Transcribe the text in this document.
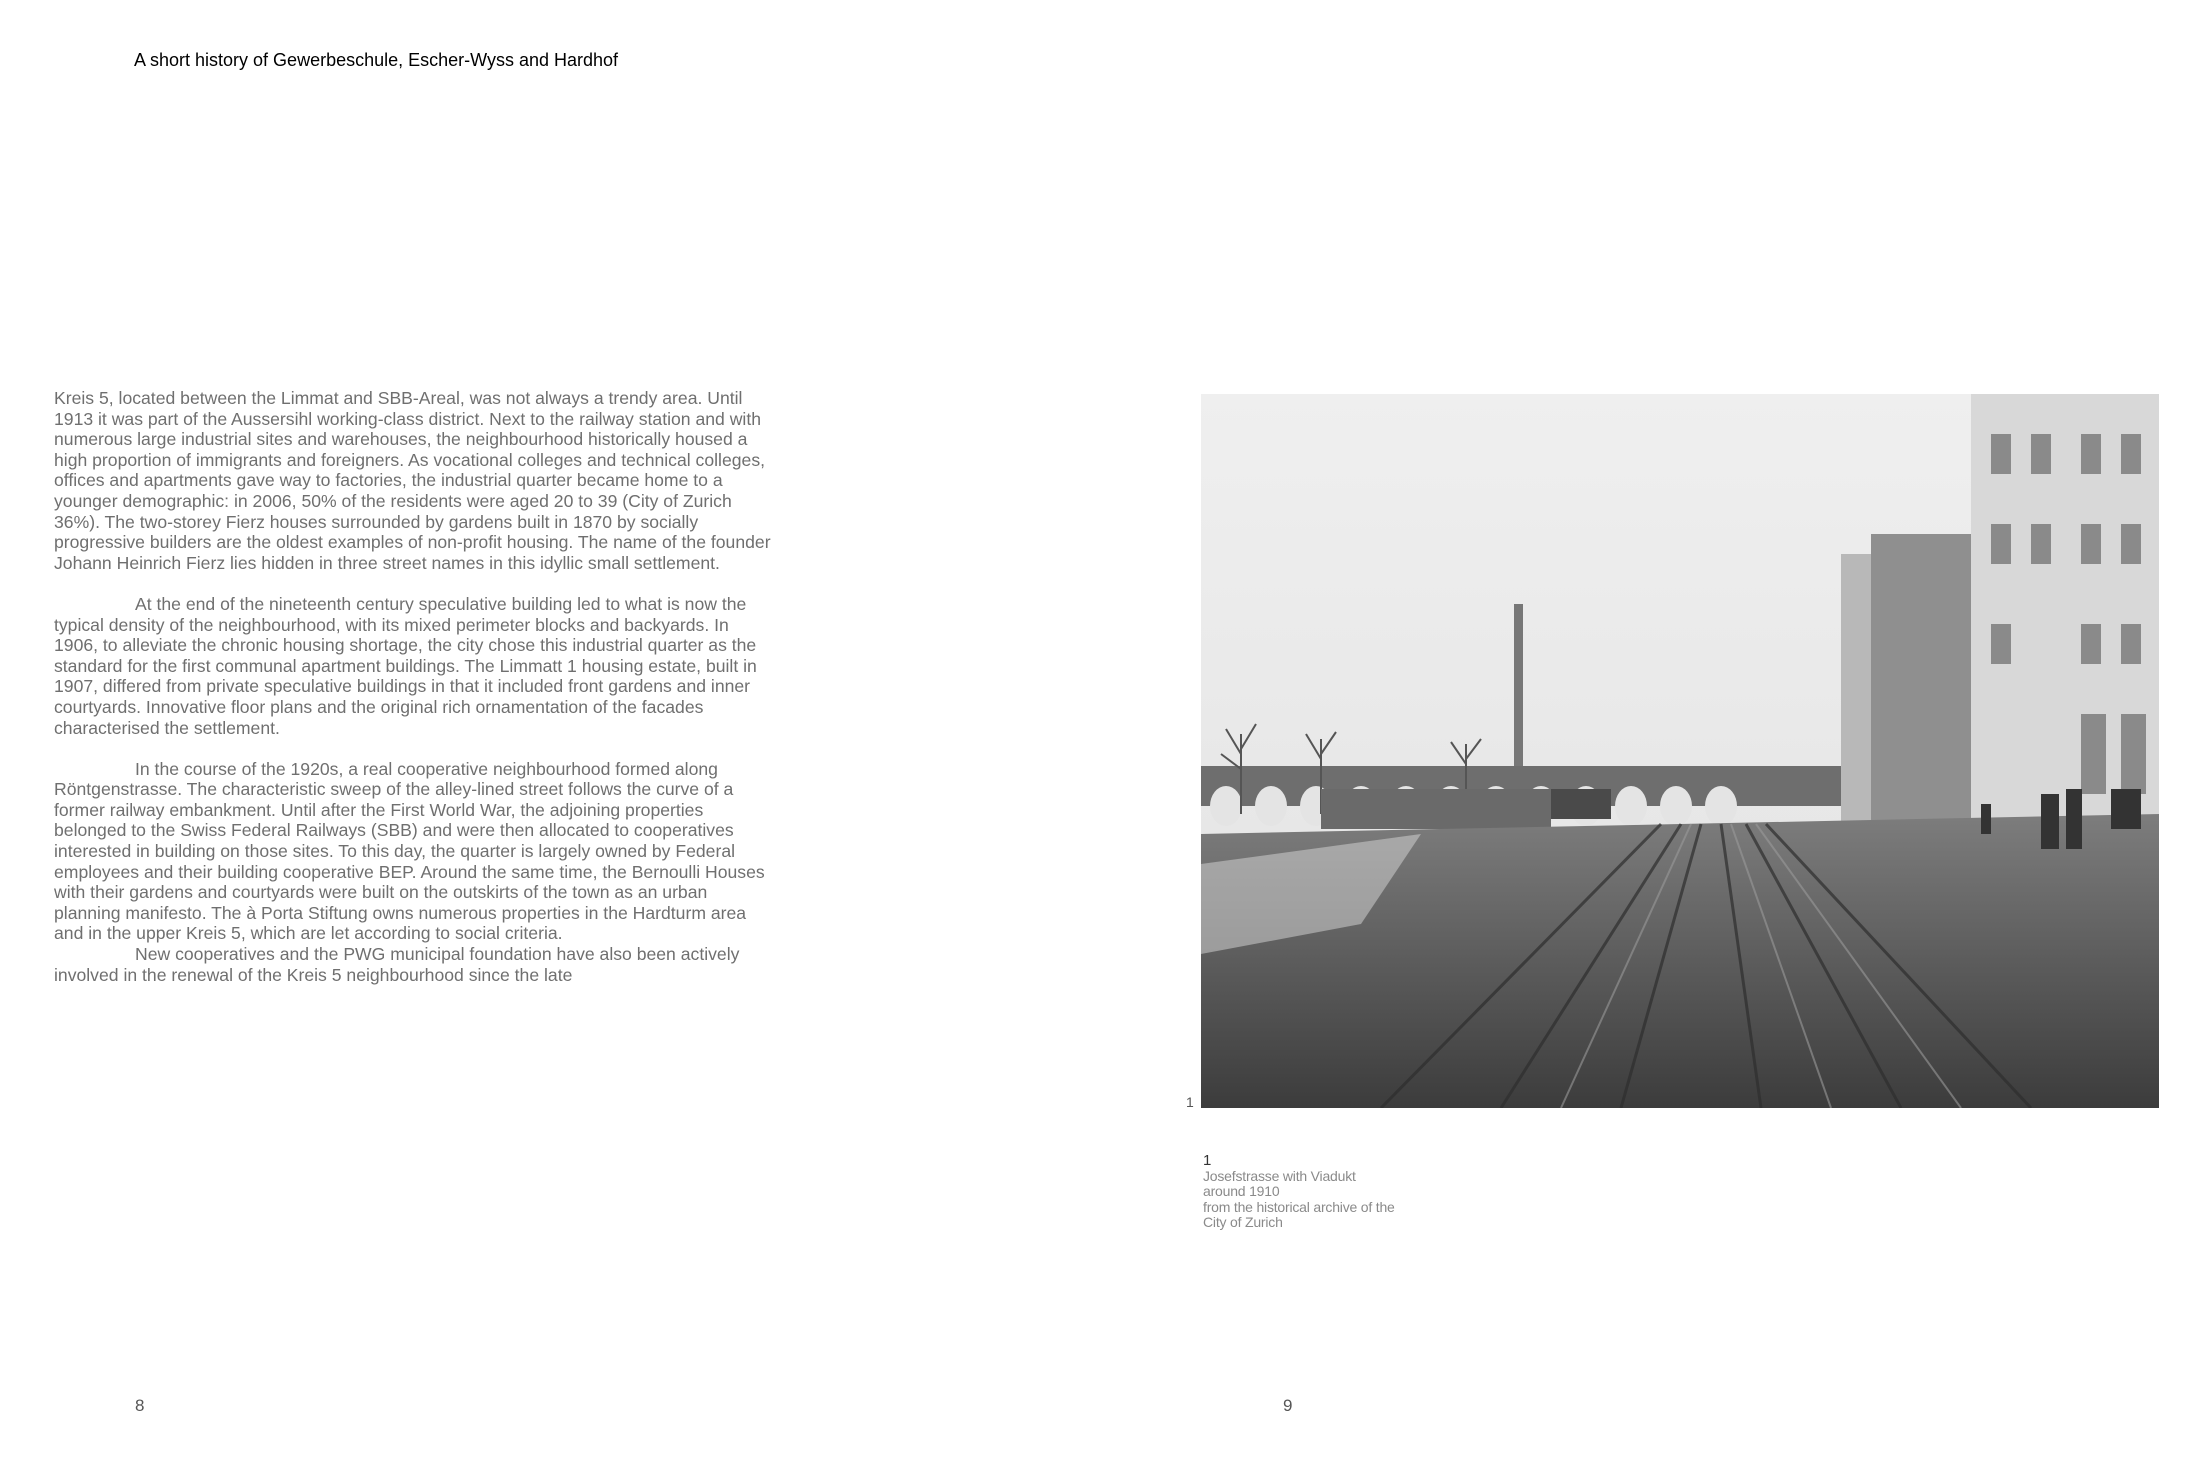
A short history of Gewerbeschule, Escher-Wyss and Hardhof

Kreis 5, located between the Limmat and SBB-Areal, was not always a trendy area. Until 1913 it was part of the Aussersihl working-class district. Next to the railway station and with numerous large industrial sites and warehouses, the neighbourhood historically housed a high proportion of immigrants and foreigners. As vocational colleges and technical colleges, offices and apartments gave way to factories, the industrial quarter became home to a younger demographic: in 2006, 50% of the residents were aged 20 to 39 (City of Zurich 36%). The two-storey Fierz houses surrounded by gardens built in 1870 by socially progressive builders are the oldest examples of non-profit housing. The name of the founder Johann Heinrich Fierz lies hidden in three street names in this idyllic small settlement.

At the end of the nineteenth century speculative building led to what is now the typical density of the neighbourhood, with its mixed perimeter blocks and backyards. In 1906, to alleviate the chronic housing shortage, the city chose this industrial quarter as the standard for the first communal apartment buildings. The Limmatt 1 housing estate, built in 1907, differed from private speculative buildings in that it included front gardens and inner courtyards. Innovative floor plans and the original rich ornamentation of the facades characterised the settlement.

In the course of the 1920s, a real cooperative neighbourhood formed along Röntgenstrasse. The characteristic sweep of the alley-lined street follows the curve of a former railway embankment. Until after the First World War, the adjoining properties belonged to the Swiss Federal Railways (SBB) and were then allocated to cooperatives interested in building on those sites. To this day, the quarter is largely owned by Federal employees and their building cooperative BEP. Around the same time, the Bernoulli Houses with their gardens and courtyards were built on the outskirts of the town as an urban planning manifesto. The à Porta Stiftung owns numerous properties in the Hardturm area and in the upper Kreis 5, which are let according to social criteria.

New cooperatives and the PWG municipal foundation have also been actively involved in the renewal of the Kreis 5 neighbourhood since the late

1
1
Josefstrasse with Viadukt
around 1910
from the historical archive of the
City of Zurich
8	9
